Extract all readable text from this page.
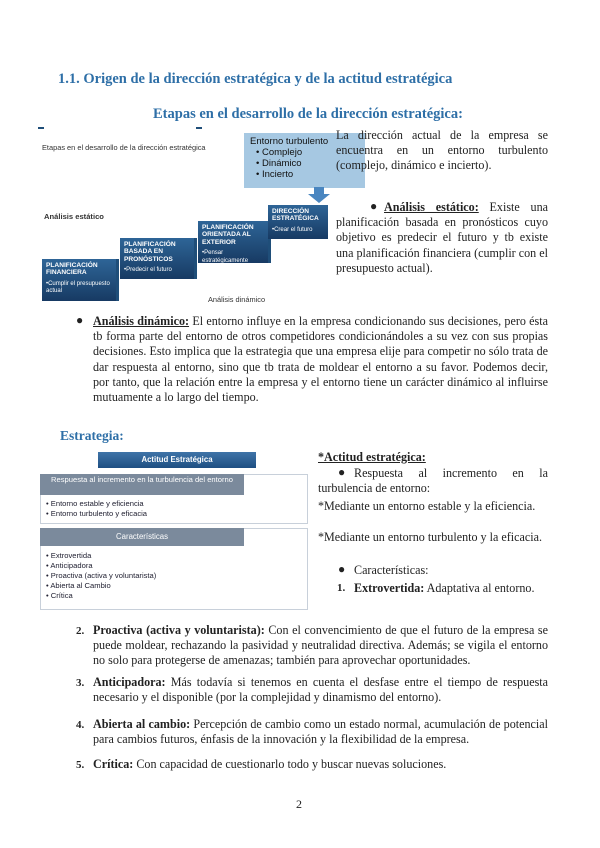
1.1. Origen de la dirección estratégica y de la actitud estratégica
Etapas en el desarrollo de la dirección estratégica:
Etapas en el desarrollo de la dirección estratégica
Entorno turbulento
• Complejo
• Dinámico
• Incierto
Análisis estático
Análisis dinámico
PLANIFICACIÓN FINANCIERA
•Cumplir el presupuesto actual
PLANIFICACIÓN BASADA EN PRONÓSTICOS
•Predecir el futuro
PLANIFICACIÓN ORIENTADA AL EXTERIOR
•Pensar estratégicamente
DIRECCIÓN ESTRATÉGICA
•Crear el futuro
La dirección actual de la empresa se encuentra en un entorno turbulento (complejo, dinámico e incierto).
● Análisis estático: Existe una planificación basada en pronósticos cuyo objetivo es predecir el futuro y tb existe una planificación financiera (cumplir con el presupuesto actual).
● Análisis dinámico: El entorno influye en la empresa condicionando sus decisiones, pero ésta tb forma parte del entorno de otros competidores condicionándoles a su vez con sus propias decisiones. Esto implica que la estrategia que una empresa elije para competir no sólo trata de dar respuesta al entorno, sino que tb trata de moldear el entorno a su favor. Podemos decir, por tanto, que la relación entre la empresa y el entorno tiene un carácter dinámico al influirse mutuamente a lo largo del tiempo.
Estrategia:
Actitud Estratégica
Respuesta al incremento en la turbulencia del entorno
• Entorno estable y eficiencia
• Entorno turbulento y eficacia
Características
• Extrovertida
• Anticipadora
• Proactiva (activa y voluntarista)
• Abierta al Cambio
• Crítica
*Actitud estratégica:
● Respuesta al incremento en la turbulencia de entorno:
*Mediante un entorno estable y la eficiencia.
*Mediante un entorno turbulento y la eficacia.
● Características:
1. Extrovertida: Adaptativa al entorno.
2. Proactiva (activa y voluntarista): Con el convencimiento de que el futuro de la empresa se puede moldear, rechazando la pasividad y neutralidad directiva. Además; se vigila el entorno no solo para protegerse de amenazas; también para aprovechar oportunidades.
3. Anticipadora: Más todavía si tenemos en cuenta el desfase entre el tiempo de respuesta necesario y el disponible (por la complejidad y dinamismo del entorno).
4. Abierta al cambio: Percepción de cambio como un estado normal, acumulación de potencial para cambios futuros, énfasis de la innovación y la flexibilidad de la empresa.
5. Crítica: Con capacidad de cuestionarlo todo y buscar nuevas soluciones.
2
